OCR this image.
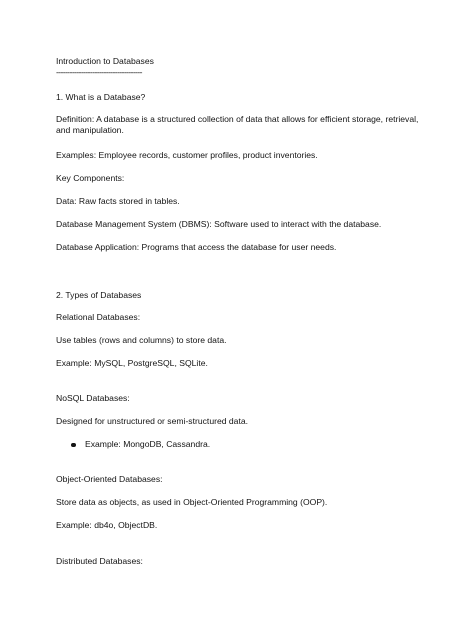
Introduction to Databases
--------------------------------------
1. What is a Database?
Definition: A database is a structured collection of data that allows for efficient storage, retrieval,
and manipulation.
Examples: Employee records, customer profiles, product inventories.
Key Components:
Data: Raw facts stored in tables.
Database Management System (DBMS): Software used to interact with the database.
Database Application: Programs that access the database for user needs.
2. Types of Databases
Relational Databases:
Use tables (rows and columns) to store data.
Example: MySQL, PostgreSQL, SQLite.
NoSQL Databases:
Designed for unstructured or semi-structured data.
Example: MongoDB, Cassandra.
Object-Oriented Databases:
Store data as objects, as used in Object-Oriented Programming (OOP).
Example: db4o, ObjectDB.
Distributed Databases:
